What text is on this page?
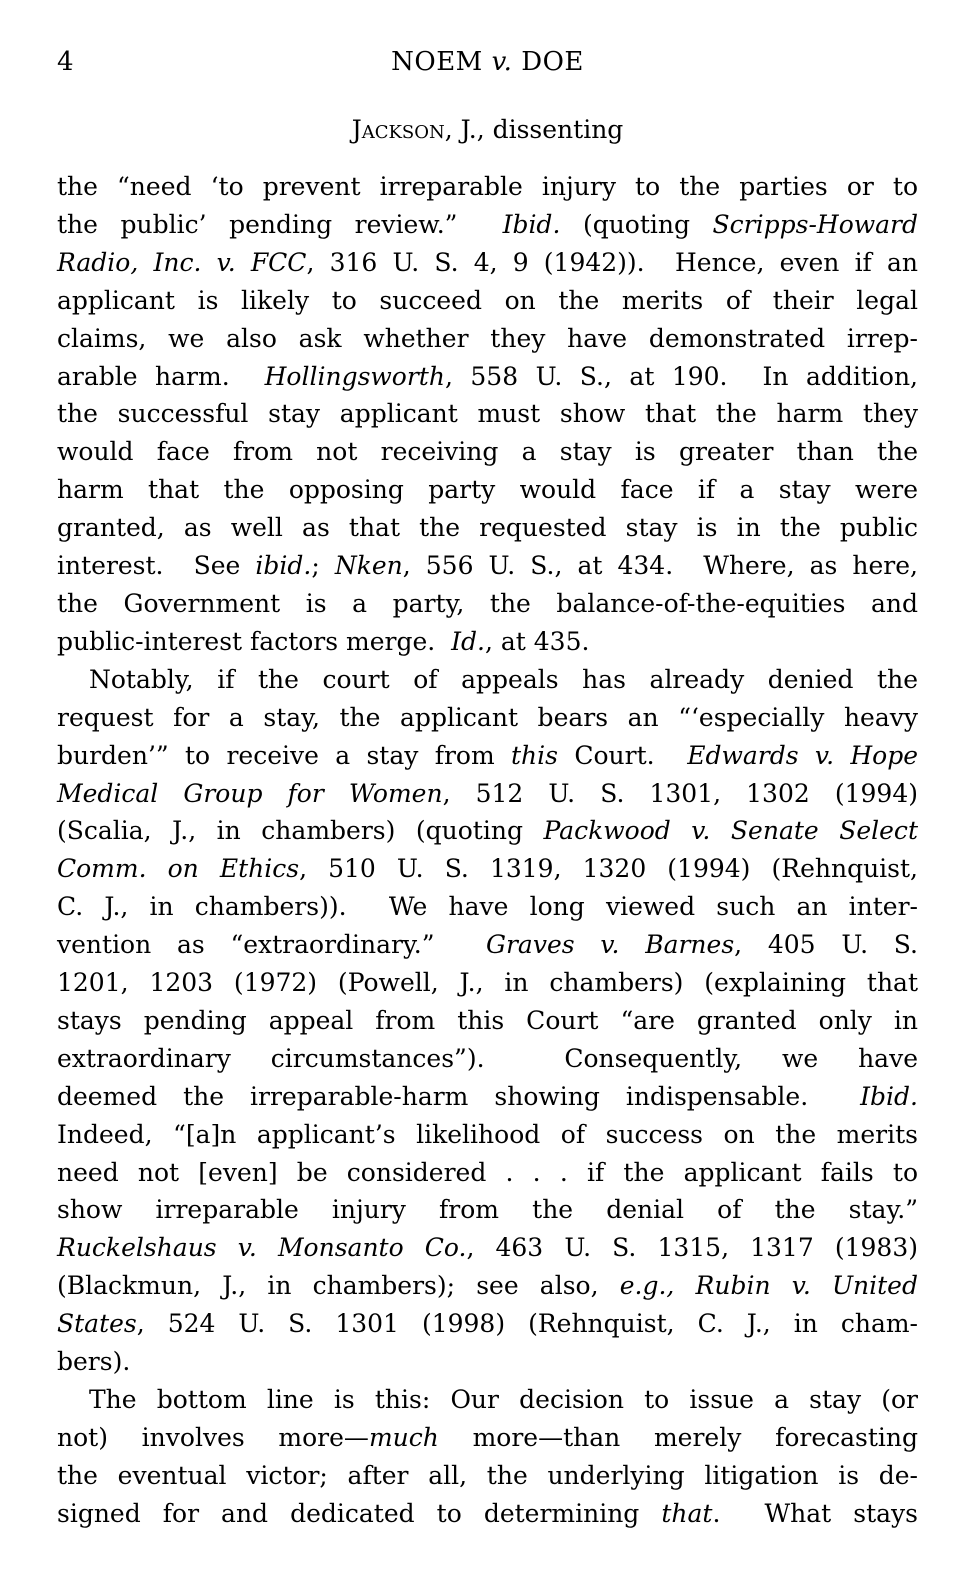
4	NOEM v. DOE
Jackson, J., dissenting
the “need ‘to prevent irreparable injury to the parties or to
the public’ pending review.”  Ibid. (quoting Scripps-Howard
Radio, Inc. v. FCC, 316 U. S. 4, 9 (1942)).  Hence, even if an
applicant is likely to succeed on the merits of their legal
claims, we also ask whether they have demonstrated irrep-
arable harm.  Hollingsworth, 558 U. S., at 190.  In addition,
the successful stay applicant must show that the harm they
would face from not receiving a stay is greater than the
harm that the opposing party would face if a stay were
granted, as well as that the requested stay is in the public
interest.  See ibid.; Nken, 556 U. S., at 434.  Where, as here,
the Government is a party, the balance-of-the-equities and
public-interest factors merge.  Id., at 435.
Notably, if the court of appeals has already denied the
request for a stay, the applicant bears an “‘especially heavy
burden’” to receive a stay from this Court.  Edwards v. Hope
Medical Group for Women, 512 U. S. 1301, 1302 (1994)
(Scalia, J., in chambers) (quoting Packwood v. Senate Select
Comm. on Ethics, 510 U. S. 1319, 1320 (1994) (Rehnquist,
C. J., in chambers)).  We have long viewed such an inter-
vention as “extraordinary.”  Graves v. Barnes, 405 U. S.
1201, 1203 (1972) (Powell, J., in chambers) (explaining that
stays pending appeal from this Court “are granted only in
extraordinary circumstances”).  Consequently, we have
deemed the irreparable-harm showing indispensable.  Ibid.
Indeed, “[a]n applicant’s likelihood of success on the merits
need not [even] be considered . . . if the applicant fails to
show irreparable injury from the denial of the stay.”
Ruckelshaus v. Monsanto Co., 463 U. S. 1315, 1317 (1983)
(Blackmun, J., in chambers); see also, e.g., Rubin v. United
States, 524 U. S. 1301 (1998) (Rehnquist, C. J., in cham-
bers).
The bottom line is this: Our decision to issue a stay (or
not) involves more—much more—than merely forecasting
the eventual victor; after all, the underlying litigation is de-
signed for and dedicated to determining that.  What stays
